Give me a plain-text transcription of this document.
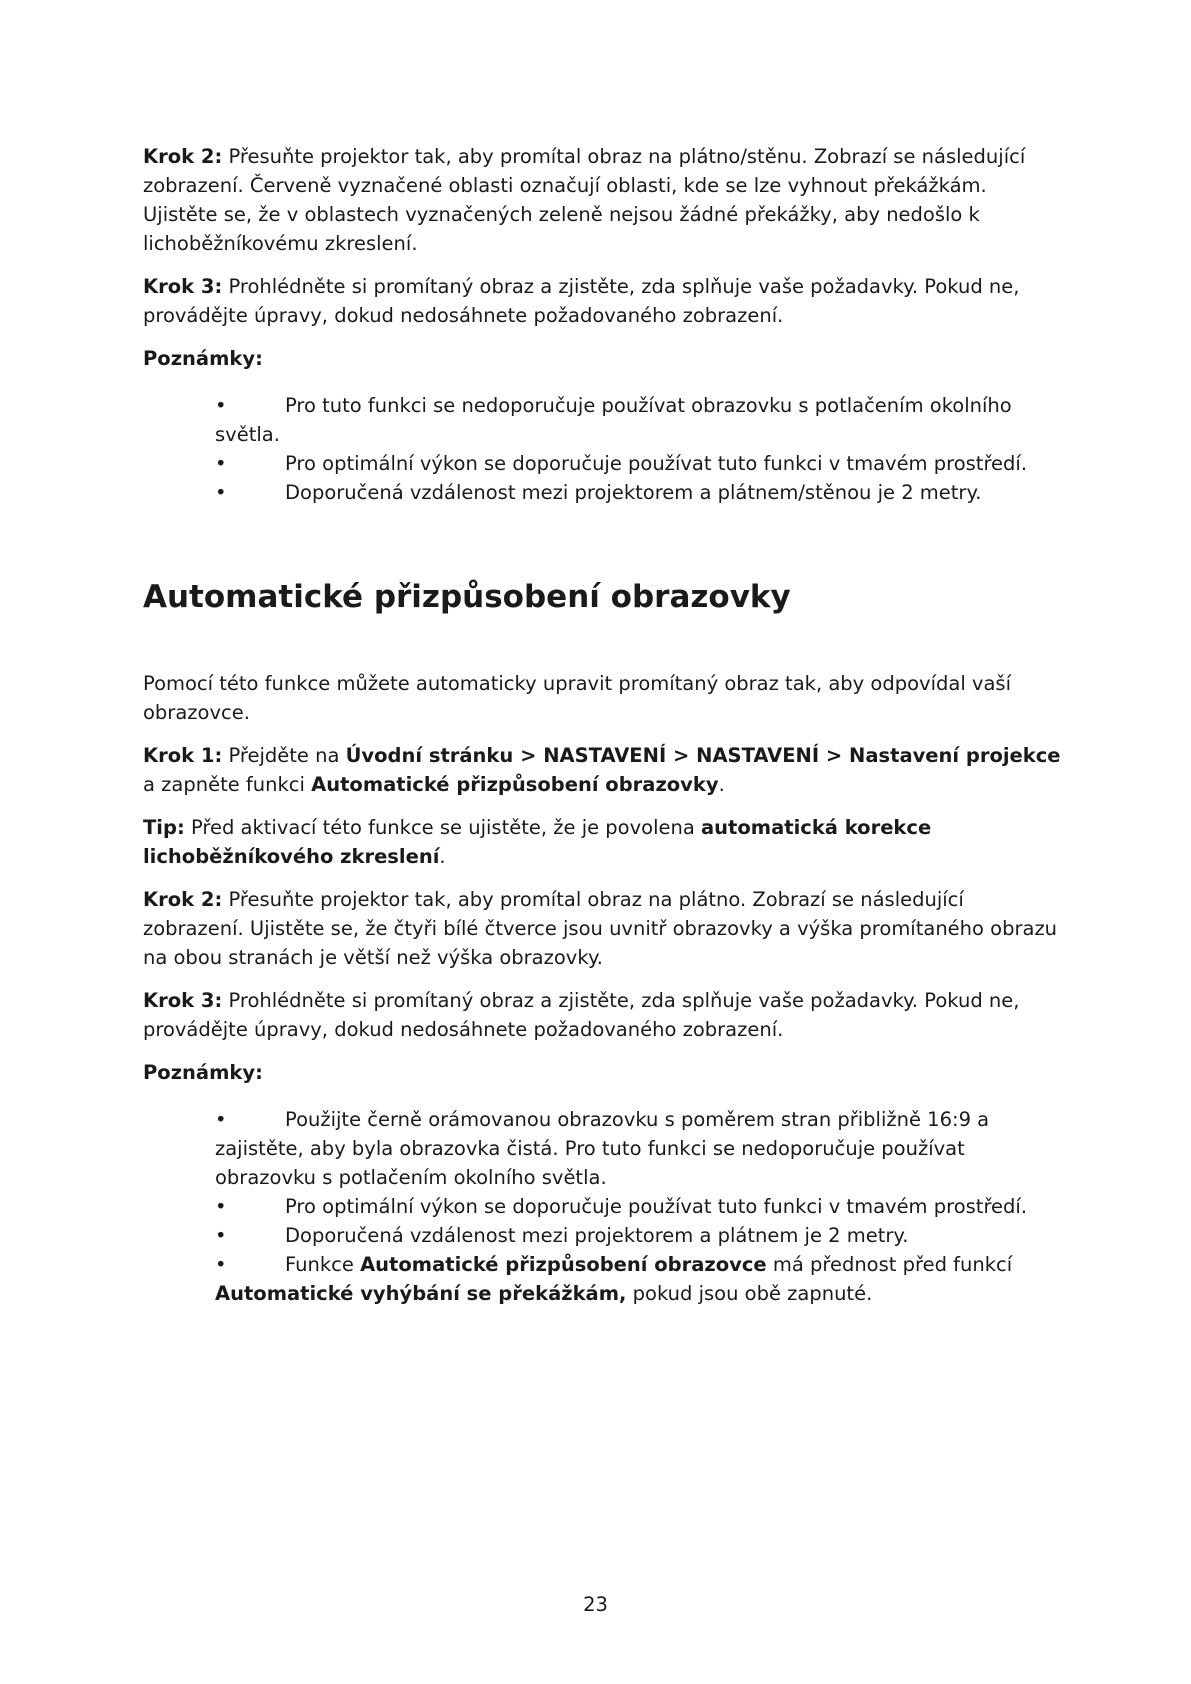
Krok 2: Přesuňte projektor tak, aby promítal obraz na plátno/stěnu. Zobrazí se následující zobrazení. Červeně vyznačené oblasti označují oblasti, kde se lze vyhnout překážkám. Ujistěte se, že v oblastech vyznačených zeleně nejsou žádné překážky, aby nedošlo k lichoběžníkovému zkreslení.

Krok 3: Prohlédněte si promítaný obraz a zjistěte, zda splňuje vaše požadavky. Pokud ne, provádějte úpravy, dokud nedosáhnete požadovaného zobrazení.

Poznámky:

•	Pro tuto funkci se nedoporučuje používat obrazovku s potlačením okolního světla.
•	Pro optimální výkon se doporučuje používat tuto funkci v tmavém prostředí.
•	Doporučená vzdálenost mezi projektorem a plátnem/stěnou je 2 metry.
Automatické přizpůsobení obrazovky

Pomocí této funkce můžete automaticky upravit promítaný obraz tak, aby odpovídal vaší obrazovce.

Krok 1: Přejděte na Úvodní stránku > NASTAVENÍ > NASTAVENÍ > Nastavení projekce a zapněte funkci Automatické přizpůsobení obrazovky.

Tip: Před aktivací této funkce se ujistěte, že je povolena automatická korekce lichoběžníkového zkreslení.

Krok 2: Přesuňte projektor tak, aby promítal obraz na plátno. Zobrazí se následující zobrazení. Ujistěte se, že čtyři bílé čtverce jsou uvnitř obrazovky a výška promítaného obrazu na obou stranách je větší než výška obrazovky.

Krok 3: Prohlédněte si promítaný obraz a zjistěte, zda splňuje vaše požadavky. Pokud ne, provádějte úpravy, dokud nedosáhnete požadovaného zobrazení.

Poznámky:

•	Použijte černě orámovanou obrazovku s poměrem stran přibližně 16:9 a zajistěte, aby byla obrazovka čistá. Pro tuto funkci se nedoporučuje používat obrazovku s potlačením okolního světla.
•	Pro optimální výkon se doporučuje používat tuto funkci v tmavém prostředí.
•	Doporučená vzdálenost mezi projektorem a plátnem je 2 metry.
•	Funkce Automatické přizpůsobení obrazovce má přednost před funkcí Automatické vyhýbání se překážkám, pokud jsou obě zapnuté.
23
